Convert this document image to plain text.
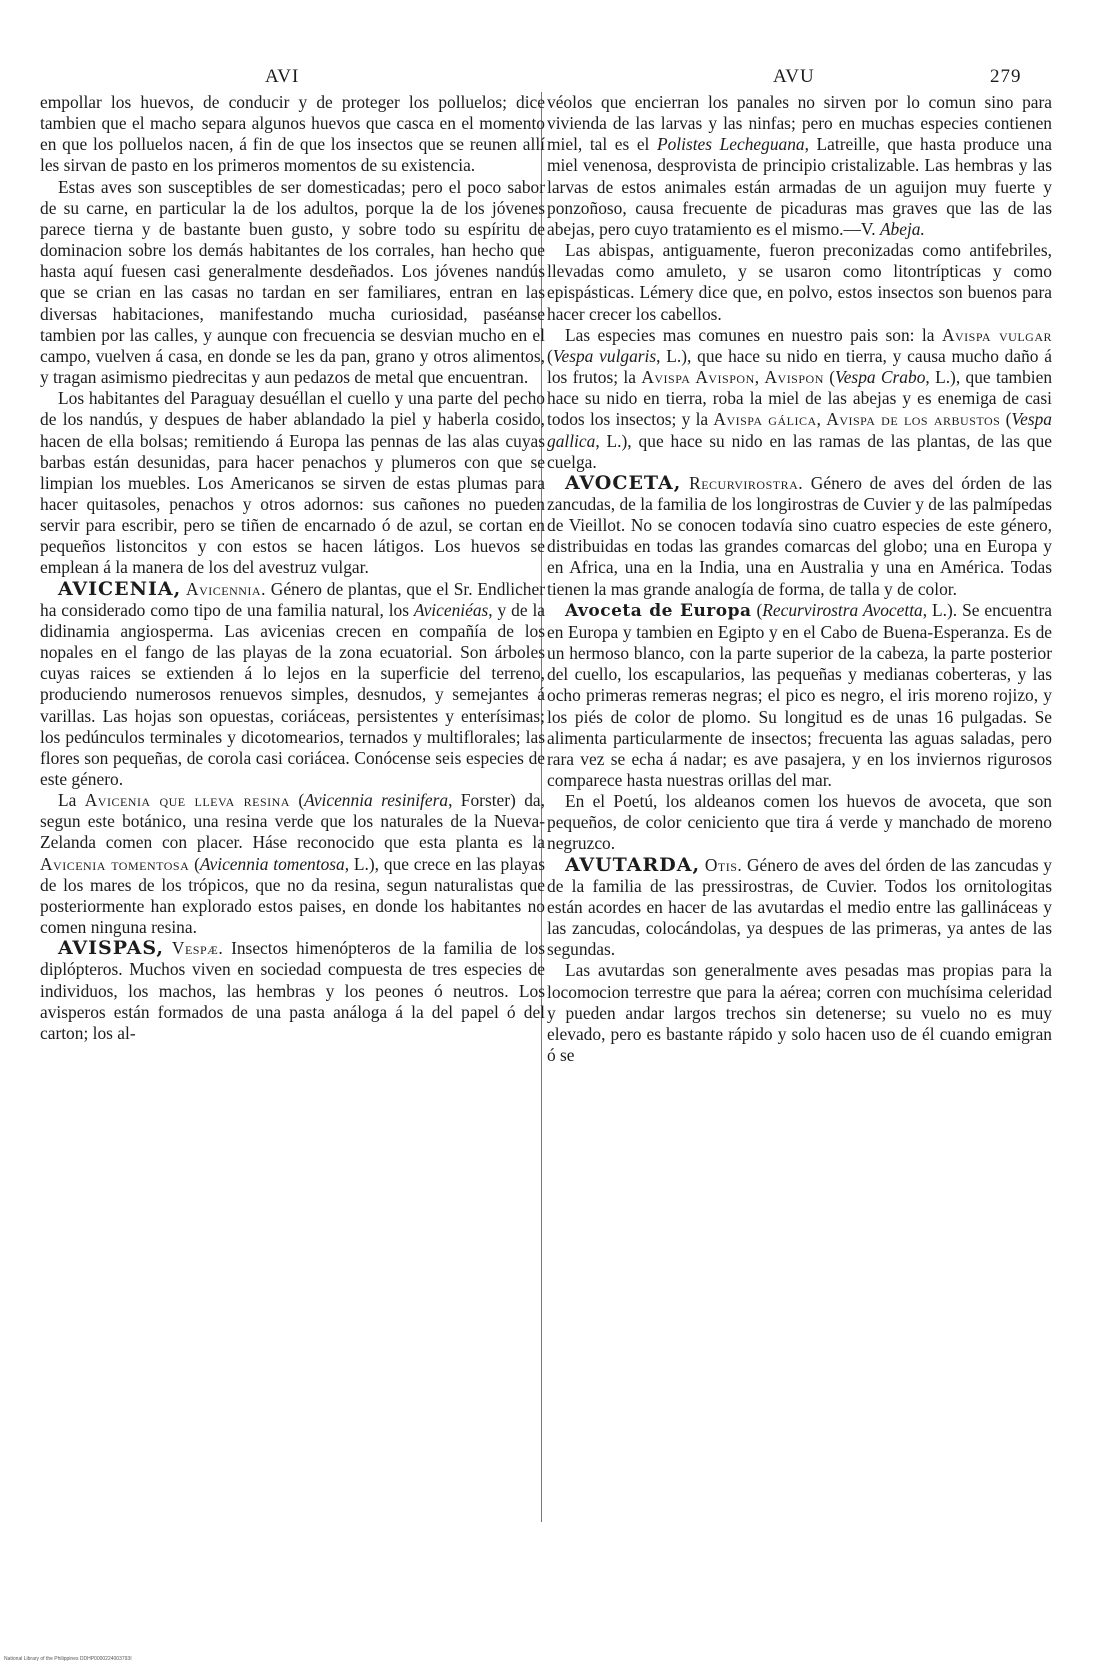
AVI	AVU	279

empollar los huevos, de conducir y de proteger los polluelos; dice tambien que el macho separa algunos huevos que casca en el momento en que los polluelos nacen, á fin de que los insectos que se reunen allí les sirvan de pasto en los primeros momentos de su existencia.

Estas aves son susceptibles de ser domesticadas; pero el poco sabor de su carne, en particular la de los adultos, porque la de los jóvenes parece tierna y de bastante buen gusto, y sobre todo su espíritu de dominacion sobre los demás habitantes de los corrales, han hecho que hasta aquí fuesen casi generalmente desdeñados. Los jóvenes nandús que se crian en las casas no tardan en ser familiares, entran en las diversas habitaciones, manifestando mucha curiosidad, paséanse tambien por las calles, y aunque con frecuencia se desvian mucho en el campo, vuelven á casa, en donde se les da pan, grano y otros alimentos, y tragan asimismo piedrecitas y aun pedazos de metal que encuentran.

Los habitantes del Paraguay desuéllan el cuello y una parte del pecho de los nandús, y despues de haber ablandado la piel y haberla cosido, hacen de ella bolsas; remitiendo á Europa las pennas de las alas cuyas barbas están desunidas, para hacer penachos y plumeros con que se limpian los muebles. Los Americanos se sirven de estas plumas para hacer quitasoles, penachos y otros adornos: sus cañones no pueden servir para escribir, pero se tiñen de encarnado ó de azul, se cortan en pequeños listoncitos y con estos se hacen látigos. Los huevos se emplean á la manera de los del avestruz vulgar.

AVICENIA, Avicennia. Género de plantas, que el Sr. Endlicher ha considerado como tipo de una familia natural, los Aviceniéas, y de la didinamia angiosperma. Las avicenias crecen en compañía de los nopales en el fango de las playas de la zona ecuatorial. Son árboles cuyas raices se extienden á lo lejos en la superficie del terreno, produciendo numerosos renuevos simples, desnudos, y semejantes á varillas. Las hojas son opuestas, coriáceas, persistentes y enterísimas; los pedúnculos terminales y dicotomearios, ternados y multiflorales; las flores son pequeñas, de corola casi coriácea. Conócense seis especies de este género.

La Avicenia que lleva resina (Avicennia resinifera, Forster) da, segun este botánico, una resina verde que los naturales de la Nueva-Zelanda comen con placer. Háse reconocido que esta planta es la Avicenia tomentosa (Avicennia tomentosa, L.), que crece en las playas de los mares de los trópicos, que no da resina, segun naturalistas que posteriormente han explorado estos paises, en donde los habitantes no comen ninguna resina.

AVISPAS, Vespæ. Insectos himenópteros de la familia de los diplópteros. Muchos viven en sociedad compuesta de tres especies de individuos, los machos, las hembras y los peones ó neutros. Los avisperos están formados de una pasta análoga á la del papel ó del carton; los al-

véolos que encierran los panales no sirven por lo comun sino para vivienda de las larvas y las ninfas; pero en muchas especies contienen miel, tal es el Polistes Lecheguana, Latreille, que hasta produce una miel venenosa, desprovista de principio cristalizable. Las hembras y las larvas de estos animales están armadas de un aguijon muy fuerte y ponzoñoso, causa frecuente de picaduras mas graves que las de las abejas, pero cuyo tratamiento es el mismo.—V. Abeja.

Las abispas, antiguamente, fueron preconizadas como antifebriles, llevadas como amuleto, y se usaron como litontrípticas y como epispásticas. Lémery dice que, en polvo, estos insectos son buenos para hacer crecer los cabellos.

Las especies mas comunes en nuestro pais son: la Avispa vulgar (Vespa vulgaris, L.), que hace su nido en tierra, y causa mucho daño á los frutos; la Avispa Avispon, Avispon (Vespa Crabo, L.), que tambien hace su nido en tierra, roba la miel de las abejas y es enemiga de casi todos los insectos; y la Avispa gálica, Avispa de los arbustos (Vespa gallica, L.), que hace su nido en las ramas de las plantas, de las que cuelga.

AVOCETA, Recurvirostra. Género de aves del órden de las zancudas, de la familia de los longirostras de Cuvier y de las palmípedas de Vieillot. No se conocen todavía sino cuatro especies de este género, distribuidas en todas las grandes comarcas del globo; una en Europa y en Africa, una en la India, una en Australia y una en América. Todas tienen la mas grande analogía de forma, de talla y de color.

Avoceta de Europa (Recurvirostra Avocetta, L.). Se encuentra en Europa y tambien en Egipto y en el Cabo de Buena-Esperanza. Es de un hermoso blanco, con la parte superior de la cabeza, la parte posterior del cuello, los escapularios, las pequeñas y medianas coberteras, y las ocho primeras remeras negras; el pico es negro, el iris moreno rojizo, y los piés de color de plomo. Su longitud es de unas 16 pulgadas. Se alimenta particularmente de insectos; frecuenta las aguas saladas, pero rara vez se echa á nadar; es ave pasajera, y en los inviernos rigurosos comparece hasta nuestras orillas del mar.

En el Poetú, los aldeanos comen los huevos de avoceta, que son pequeños, de color ceniciento que tira á verde y manchado de moreno negruzco.

AVUTARDA, Otis. Género de aves del órden de las zancudas y de la familia de las pressirostras, de Cuvier. Todos los ornitologitas están acordes en hacer de las avutardas el medio entre las gallináceas y las zancudas, colocándolas, ya despues de las primeras, ya antes de las segundas.

Las avutardas son generalmente aves pesadas mas propias para la locomocion terrestre que para la aérea; corren con muchísima celeridad y pueden andar largos trechos sin detenerse; su vuelo no es muy elevado, pero es bastante rápido y solo hacen uso de él cuando emigran ó se

National Library of the Philippines DDHP0000224003793I
